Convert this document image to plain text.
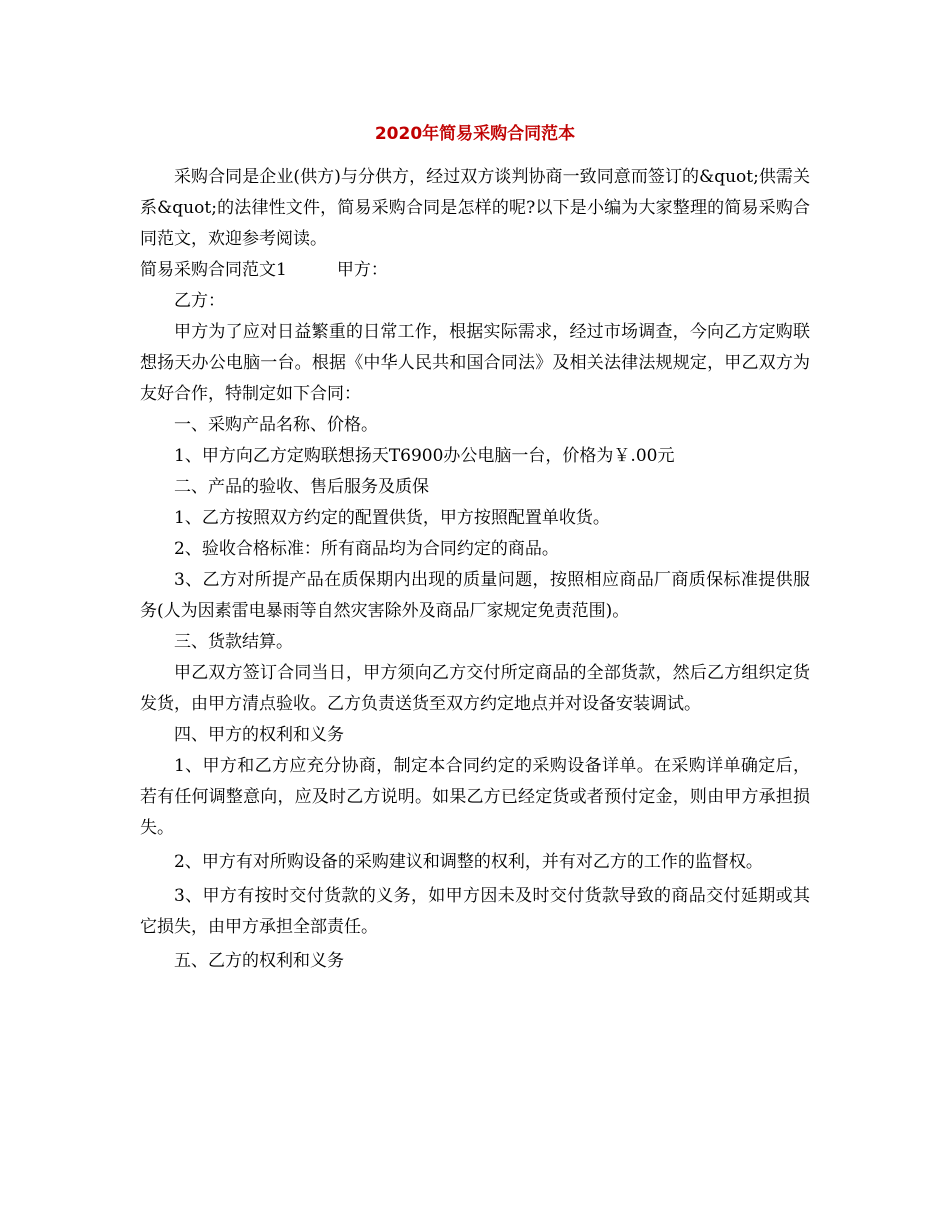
2020年简易采购合同范本

采购合同是企业(供方)与分供方，经过双方谈判协商一致同意而签订的&quot;供需关系&quot;的法律性文件，简易采购合同是怎样的呢?以下是小编为大家整理的简易采购合同范文，欢迎参考阅读。

简易采购合同范文1	甲方：

乙方：

甲方为了应对日益繁重的日常工作，根据实际需求，经过市场调查，今向乙方定购联想扬天办公电脑一台。根据《中华人民共和国合同法》及相关法律法规规定，甲乙双方为友好合作，特制定如下合同：

一、采购产品名称、价格。

1、甲方向乙方定购联想扬天T6900办公电脑一台，价格为￥.00元

二、产品的验收、售后服务及质保

1、乙方按照双方约定的配置供货，甲方按照配置单收货。

2、验收合格标准：所有商品均为合同约定的商品。

3、乙方对所提产品在质保期内出现的质量问题，按照相应商品厂商质保标准提供服务(人为因素雷电暴雨等自然灾害除外及商品厂家规定免责范围)。

三、货款结算。

甲乙双方签订合同当日，甲方须向乙方交付所定商品的全部货款，然后乙方组织定货发货，由甲方清点验收。乙方负责送货至双方约定地点并对设备安装调试。

四、甲方的权利和义务

1、甲方和乙方应充分协商，制定本合同约定的采购设备详单。在采购详单确定后，若有任何调整意向，应及时乙方说明。如果乙方已经定货或者预付定金，则由甲方承担损失。

2、甲方有对所购设备的采购建议和调整的权利，并有对乙方的工作的监督权。

3、甲方有按时交付货款的义务，如甲方因未及时交付货款导致的商品交付延期或其它损失，由甲方承担全部责任。

五、乙方的权利和义务
